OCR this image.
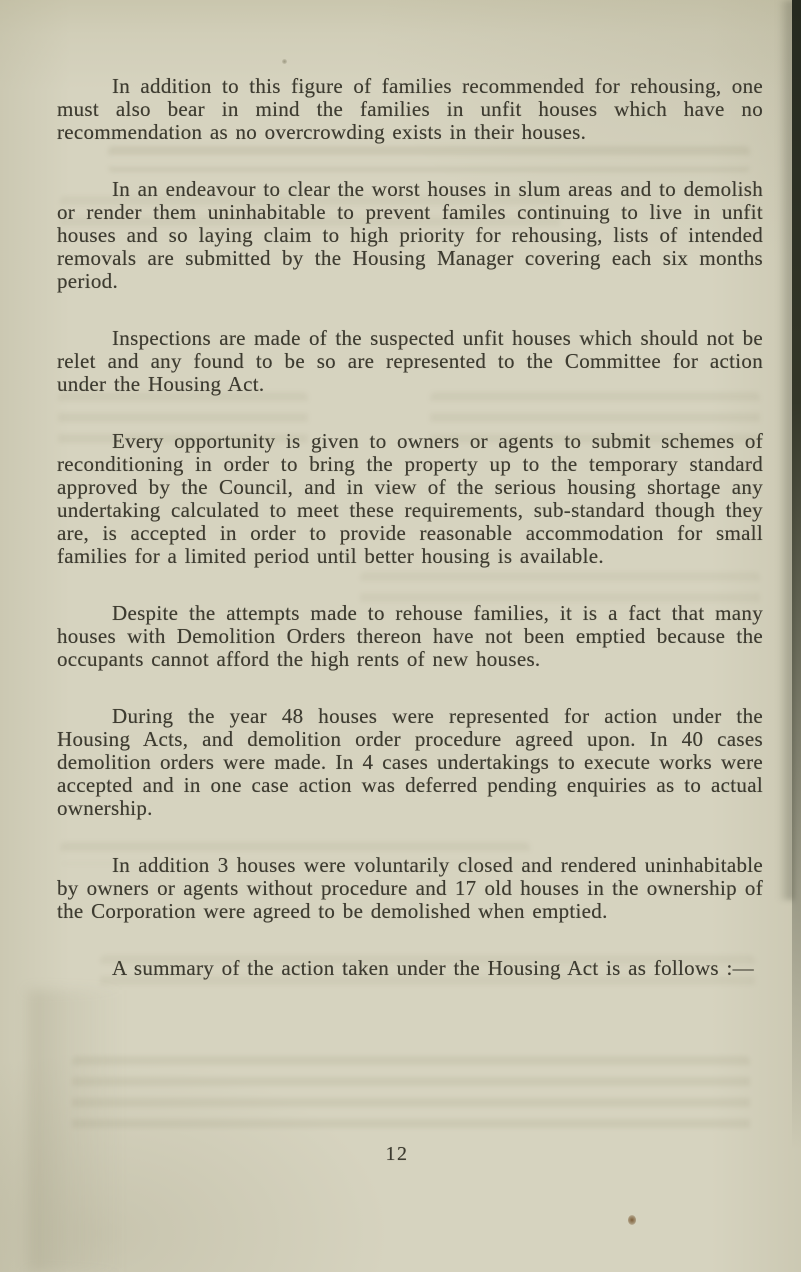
In addition to this figure of families recommended for rehousing, one must also bear in mind the families in unfit houses which have no recommendation as no overcrowding exists in their houses.

In an endeavour to clear the worst houses in slum areas and to demolish or render them uninhabitable to prevent familes continuing to live in unfit houses and so laying claim to high priority for rehousing, lists of intended removals are submitted by the Housing Manager covering each six months period.

Inspections are made of the suspected unfit houses which should not be relet and any found to be so are represented to the Committee for action under the Housing Act.

Every opportunity is given to owners or agents to submit schemes of reconditioning in order to bring the property up to the temporary standard approved by the Council, and in view of the serious housing shortage any undertaking calculated to meet these requirements, sub-standard though they are, is accepted in order to provide reasonable accommodation for small families for a limited period until better housing is available.

Despite the attempts made to rehouse families, it is a fact that many houses with Demolition Orders thereon have not been emptied because the occupants cannot afford the high rents of new houses.

During the year 48 houses were represented for action under the Housing Acts, and demolition order procedure agreed upon. In 40 cases demolition orders were made. In 4 cases undertakings to execute works were accepted and in one case action was deferred pending enquiries as to actual ownership.

In addition 3 houses were voluntarily closed and rendered uninhabitable by owners or agents without procedure and 17 old houses in the ownership of the Corporation were agreed to be demolished when emptied.

A summary of the action taken under the Housing Act is as follows :—

12
